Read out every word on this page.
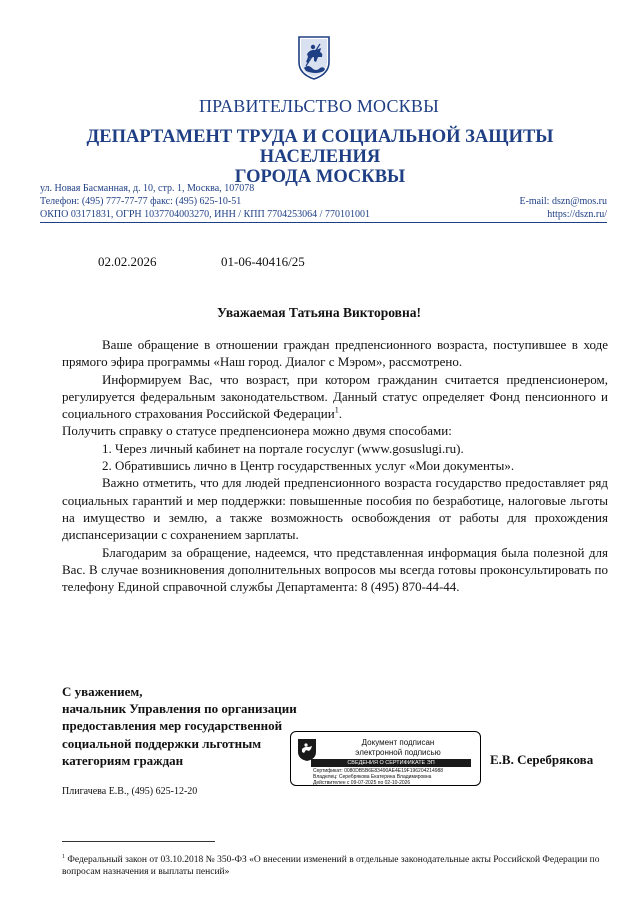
ПРАВИТЕЛЬСТВО МОСКВЫ
ДЕПАРТАМЕНТ ТРУДА И СОЦИАЛЬНОЙ ЗАЩИТЫ НАСЕЛЕНИЯ
ГОРОДА МОСКВЫ
ул. Новая Басманная, д. 10, стр. 1, Москва, 107078
Телефон: (495) 777-77-77 факс: (495) 625-10-51
ОКПО 03171831, ОГРН 1037704003270, ИНН / КПП 7704253064 / 770101001
E-mail: dszn@mos.ru
https://dszn.ru/
02.02.2026	01-06-40416/25
Уважаемая Татьяна Викторовна!

Ваше обращение в отношении граждан предпенсионного возраста, поступившее в ходе прямого эфира программы «Наш город. Диалог с Мэром», рассмотрено.

Информируем Вас, что возраст, при котором гражданин считается предпенсионером, регулируется федеральным законодательством. Данный статус определяет Фонд пенсионного и социального страхования Российской Федерации$^1$.

Получить справку о статусе предпенсионера можно двумя способами:

1. Через личный кабинет на портале госуслуг (www.gosuslugi.ru).

2. Обратившись лично в Центр государственных услуг «Мои документы».

Важно отметить, что для людей предпенсионного возраста государство предоставляет ряд социальных гарантий и мер поддержки: повышенные пособия по безработице, налоговые льготы на имущество и землю, а также возможность освобождения от работы для прохождения диспансеризации с сохранением зарплаты.

Благодарим за обращение, надеемся, что представленная информация была полезной для Вас. В случае возникновения дополнительных вопросов мы всегда готовы проконсультировать по телефону Единой справочной службы Департамента: 8 (495) 870-44-44.

С уважением,
начальник Управления по организации
предоставления мер государственной
социальной поддержки льготным
категориям граждан
Документ подписан
электронной подписью
СВЕДЕНИЯ О СЕРТИФИКАТЕ ЭП
Сертификат: 0080DB5B6E83490AE4E19F196204214988
Владелец: Серебрякова Екатерина Владимировна
Действителен с 09-07-2025 по 02-10-2026
Е.В. Серебрякова
Плигачева Е.В., (495) 625-12-20
$^1$ Федеральный закон от 03.10.2018 № 350-ФЗ «О внесении изменений в отдельные законодательные акты Российской Федерации по вопросам назначения и выплаты пенсий»
